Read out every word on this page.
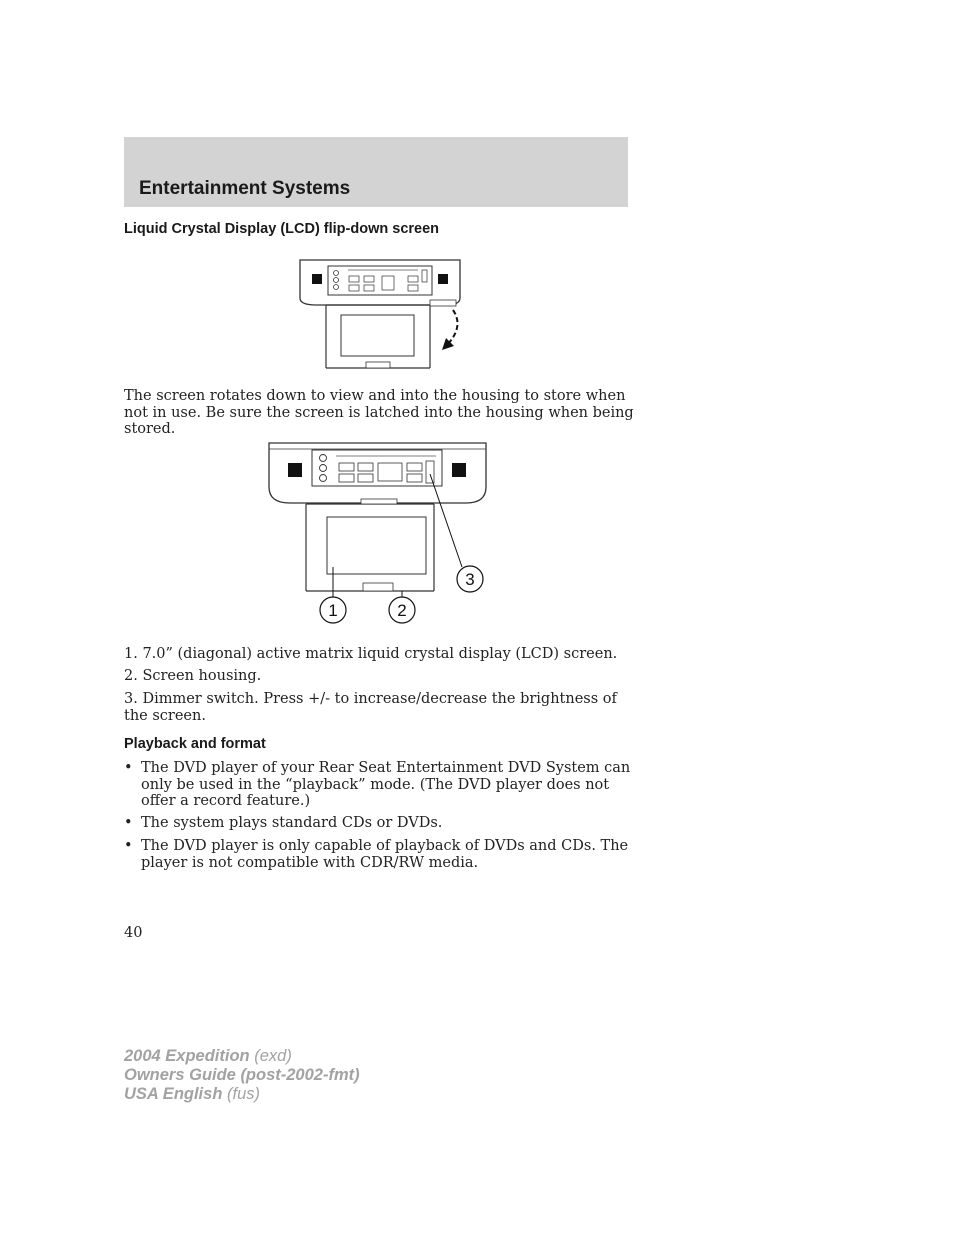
Entertainment Systems
Liquid Crystal Display (LCD) flip-down screen
The screen rotates down to view and into the housing to store when not in use. Be sure the screen is latched into the housing when being stored.
1	2
3
1. 7.0” (diagonal) active matrix liquid crystal display (LCD) screen.
2. Screen housing.
3. Dimmer switch. Press +/- to increase/decrease the brightness of the screen.
Playback and format
• The DVD player of your Rear Seat Entertainment DVD System can only be used in the “playback” mode. (The DVD player does not offer a record feature.)
• The system plays standard CDs or DVDs.
• The DVD player is only capable of playback of DVDs and CDs. The player is not compatible with CDR/RW media.
40
2004 Expedition (exd)
Owners Guide (post-2002-fmt)
USA English (fus)
